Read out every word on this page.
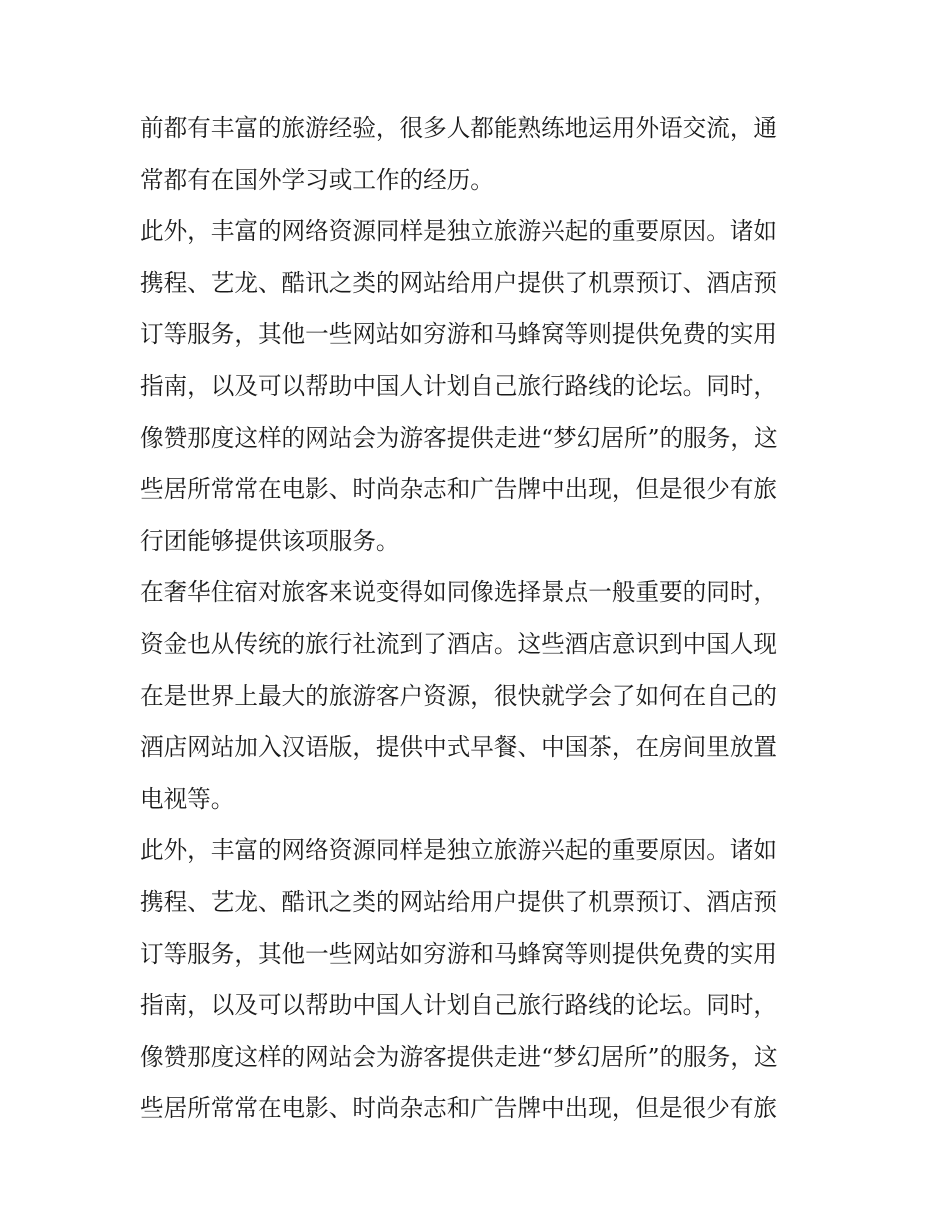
前都有丰富的旅游经验，很多人都能熟练地运用外语交流，通
常都有在国外学习或工作的经历。
此外，丰富的网络资源同样是独立旅游兴起的重要原因。诸如
携程、艺龙、酷讯之类的网站给用户提供了机票预订、酒店预
订等服务，其他一些网站如穷游和马蜂窝等则提供免费的实用
指南，以及可以帮助中国人计划自己旅行路线的论坛。同时，
像赞那度这样的网站会为游客提供走进“梦幻居所”的服务，这
些居所常常在电影、时尚杂志和广告牌中出现，但是很少有旅
行团能够提供该项服务。
在奢华住宿对旅客来说变得如同像选择景点一般重要的同时，
资金也从传统的旅行社流到了酒店。这些酒店意识到中国人现
在是世界上最大的旅游客户资源，很快就学会了如何在自己的
酒店网站加入汉语版，提供中式早餐、中国茶，在房间里放置
电视等。
此外，丰富的网络资源同样是独立旅游兴起的重要原因。诸如
携程、艺龙、酷讯之类的网站给用户提供了机票预订、酒店预
订等服务，其他一些网站如穷游和马蜂窝等则提供免费的实用
指南，以及可以帮助中国人计划自己旅行路线的论坛。同时，
像赞那度这样的网站会为游客提供走进“梦幻居所”的服务，这
些居所常常在电影、时尚杂志和广告牌中出现，但是很少有旅
